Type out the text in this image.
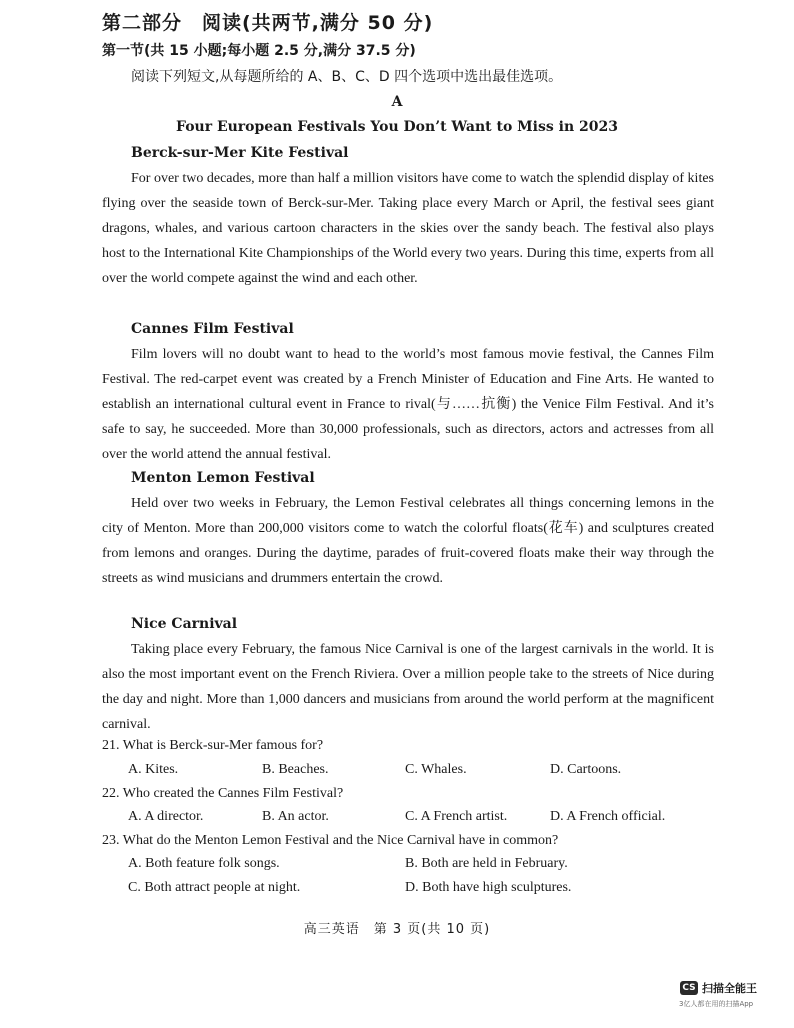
第二部分　阅读(共两节,满分 50 分)
第一节(共 15 小题;每小题 2.5 分,满分 37.5 分)
阅读下列短文,从每题所给的 A、B、C、D 四个选项中选出最佳选项。
A
Four European Festivals You Don’t Want to Miss in 2023
Berck-sur-Mer Kite Festival

For over two decades, more than half a million visitors have come to watch the splendid display of kites flying over the seaside town of Berck-sur-Mer. Taking place every March or April, the festival sees giant dragons, whales, and various cartoon characters in the skies over the sandy beach. The festival also plays host to the International Kite Championships of the World every two years. During this time, experts from all over the world compete against the wind and each other.

Cannes Film Festival

Film lovers will no doubt want to head to the world’s most famous movie festival, the Cannes Film Festival. The red-carpet event was created by a French Minister of Education and Fine Arts. He wanted to establish an international cultural event in France to rival(与……抗衡) the Venice Film Festival. And it’s safe to say, he succeeded. More than 30,000 professionals, such as directors, actors and actresses from all over the world attend the annual festival.

Menton Lemon Festival

Held over two weeks in February, the Lemon Festival celebrates all things concerning lemons in the city of Menton. More than 200,000 visitors come to watch the colorful floats(花车) and sculptures created from lemons and oranges. During the daytime, parades of fruit-covered floats make their way through the streets as wind musicians and drummers entertain the crowd.

Nice Carnival

Taking place every February, the famous Nice Carnival is one of the largest carnivals in the world. It is also the most important event on the French Riviera. Over a million people take to the streets of Nice during the day and night. More than 1,000 dancers and musicians from around the world perform at the magnificent carnival.

21. What is Berck-sur-Mer famous for?
A. Kites.	B. Beaches.	C. Whales.	D. Cartoons.
22. Who created the Cannes Film Festival?
A. A director.	B. An actor.	C. A French artist.	D. A French official.
23. What do the Menton Lemon Festival and the Nice Carnival have in common?
A. Both feature folk songs.	B. Both are held in February.
C. Both attract people at night.	D. Both have high sculptures.
高三英语　第 3 页(共 10 页)
CS 扫描全能王
3亿人都在用的扫描App
